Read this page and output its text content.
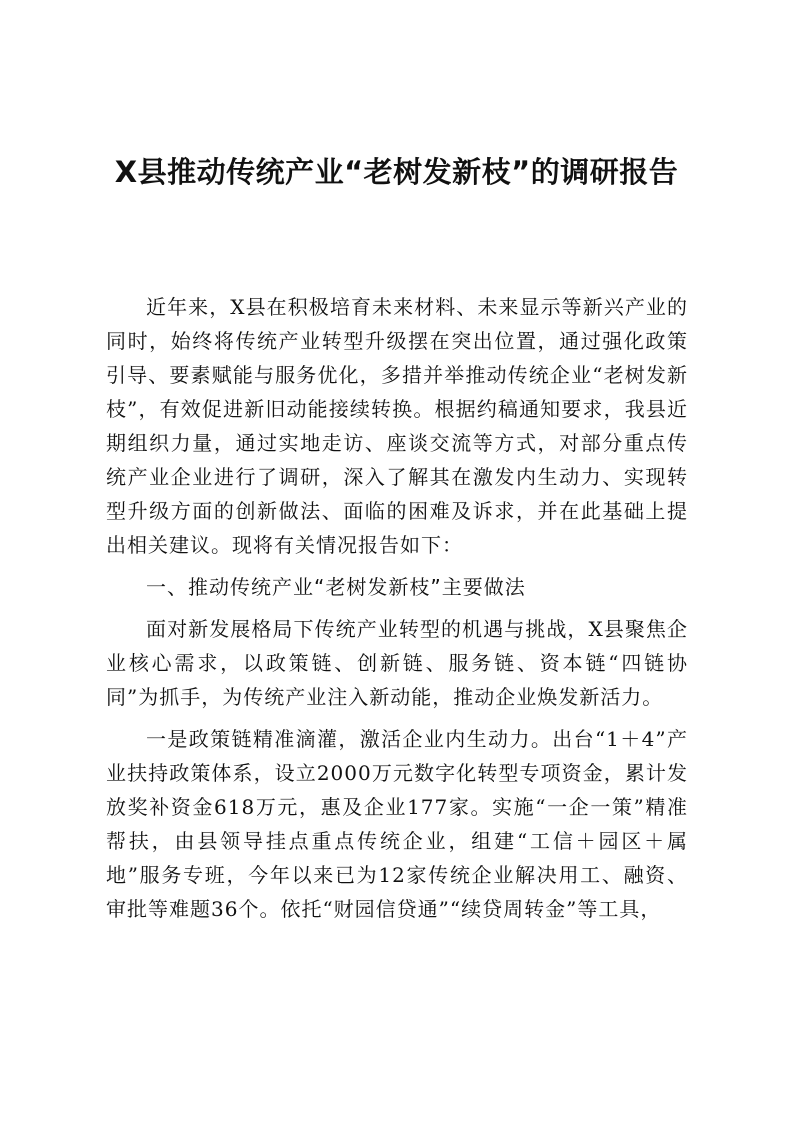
X县推动传统产业“老树发新枝”的调研报告

近年来，X县在积极培育未来材料、未来显示等新兴产业的同时，始终将传统产业转型升级摆在突出位置，通过强化政策引导、要素赋能与服务优化，多措并举推动传统企业“老树发新枝”，有效促进新旧动能接续转换。根据约稿通知要求，我县近期组织力量，通过实地走访、座谈交流等方式，对部分重点传统产业企业进行了调研，深入了解其在激发内生动力、实现转型升级方面的创新做法、面临的困难及诉求，并在此基础上提出相关建议。现将有关情况报告如下：

一、推动传统产业“老树发新枝”主要做法

面对新发展格局下传统产业转型的机遇与挑战，X县聚焦企业核心需求，以政策链、创新链、服务链、资本链“四链协同”为抓手，为传统产业注入新动能，推动企业焕发新活力。

一是政策链精准滴灌，激活企业内生动力。出台“1＋4”产业扶持政策体系，设立2000万元数字化转型专项资金，累计发放奖补资金618万元，惠及企业177家。实施“一企一策”精准帮扶，由县领导挂点重点传统企业，组建“工信＋园区＋属地”服务专班，今年以来已为12家传统企业解决用工、融资、审批等难题36个。依托“财园信贷通”“续贷周转金”等工具，
